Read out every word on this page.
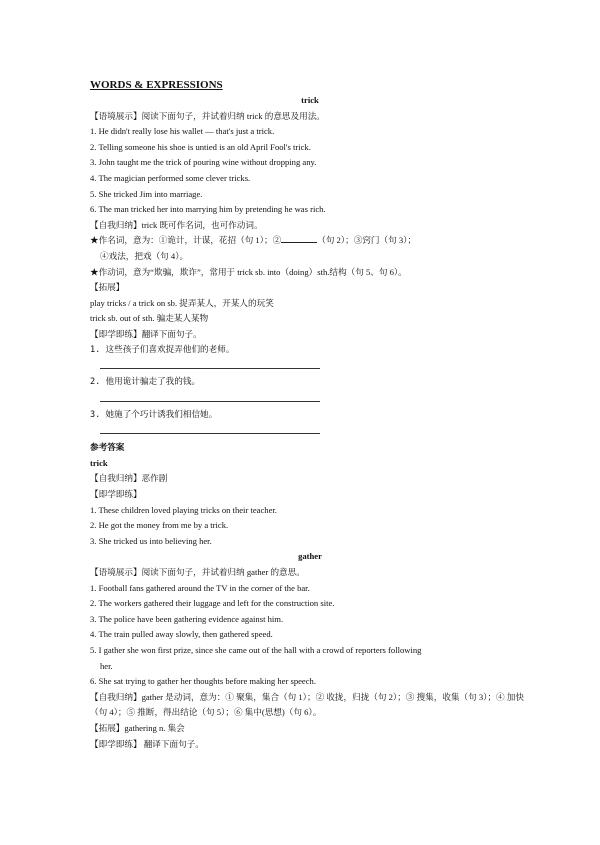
WORDS & EXPRESSIONS
trick
【语境展示】阅读下面句子，并试着归纳 trick 的意思及用法。
1. He didn't really lose his wallet — that's just a trick.
2. Telling someone his shoe is untied is an old April Fool's trick.
3. John taught me the trick of pouring wine without dropping any.
4. The magician performed some clever tricks.
5. She tricked Jim into marriage.
6. The man tricked her into marrying him by pretending he was rich.
【自我归纳】trick 既可作名词，也可作动词。
★作名词，意为：①诡计，计谋，花招（句 1）；②	（句 2）；③窍门（句 3）；
④戏法，把戏（句 4）。
★作动词，意为“欺骗，欺诈”，常用于 trick sb. into（doing）sth.结构（句 5、句 6）。
【拓展】
play tricks / a trick on sb. 捉弄某人，开某人的玩笑
trick sb. out of sth. 骗走某人某物
【即学即练】翻译下面句子。
1. 这些孩子们喜欢捉弄他们的老师。
2. 他用诡计骗走了我的钱。
3. 她施了个巧计诱我们相信她。
参考答案
trick
【自我归纳】恶作剧
【即学即练】
1. These children loved playing tricks on their teacher.
2. He got the money from me by a trick.
3. She tricked us into believing her.
gather
【语境展示】阅读下面句子，并试着归纳 gather 的意思。
1. Football fans gathered around the TV in the corner of the bar.
2. The workers gathered their luggage and left for the construction site.
3. The police have been gathering evidence against him.
4. The train pulled away slowly, then gathered speed.
5. I gather she won first prize, since she came out of the hall with a crowd of reporters following
her.
6. She sat trying to gather her thoughts before making her speech.
【自我归纳】gather 是动词，意为：① 聚集，集合（句 1）；② 收拢，归拢（句 2）；③ 搜集，收集（句 3）；④ 加快（句 4）；⑤ 推断，得出结论（句 5）；⑥ 集中(思想)（句 6）。
【拓展】gathering n. 集会
【即学即练】 翻译下面句子。
